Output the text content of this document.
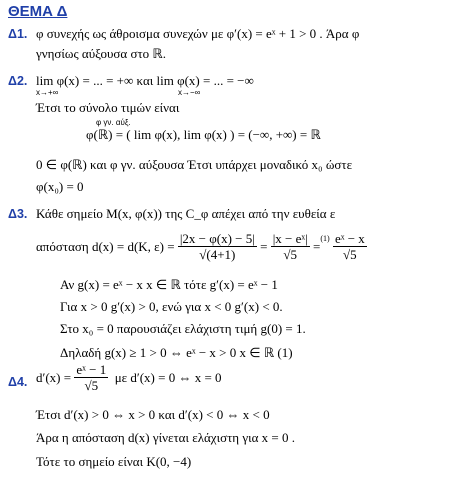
ΘΕΜΑ Δ
Δ1. φ συνεχής ως άθροισμα συνεχών με φ′(x) = eˣ + 1 > 0 . Άρα φ
γνησίως αύξουσα στο ℝ.
Δ2. lim φ(x) = ... = +∞ και lim φ(x) = ... = −∞
x→+∞	x→−∞
Έτσι το σύνολο τιμών είναι
φ γν. αύξ.
φ(ℝ) = ( lim φ(x), lim φ(x) ) = (−∞, +∞) = ℝ
0 ∈ φ(ℝ) και φ γν. αύξουσα Έτσι υπάρχει μοναδικό x₀ ώστε
φ(x₀) = 0
Δ3. Κάθε σημείο M(x, φ(x)) της C_φ απέχει από την ευθεία ε
απόσταση d(x) = d(K, ε) =
$\frac{|2x - \varphi(x) - 5|}{√(4+1)}$
=
$\frac{\text{|x − eˣ|}}{√5}$
=
(1)
$\frac{\text{eˣ − x}}{√5}$
Αν g(x) = eˣ − x x ∈ ℝ τότε g′(x) = eˣ − 1
Για x > 0 g′(x) > 0, ενώ για x < 0 g′(x) < 0.
Στο x₀ = 0 παρουσιάζει ελάχιστη τιμή g(0) = 1.
Δηλαδή g(x) ≥ 1 > 0 ⇔ eˣ − x > 0 x ∈ ℝ (1)
Δ4. d′(x) =
$\frac{\text{eˣ − 1}}{√5}$
με d′(x) = 0 ⇔ x = 0
Έτσι d′(x) > 0 ⇔ x > 0 και d′(x) < 0 ⇔ x < 0
Άρα η απόσταση d(x) γίνεται ελάχιστη για x = 0 .
Τότε το σημείο είναι K(0, −4)
